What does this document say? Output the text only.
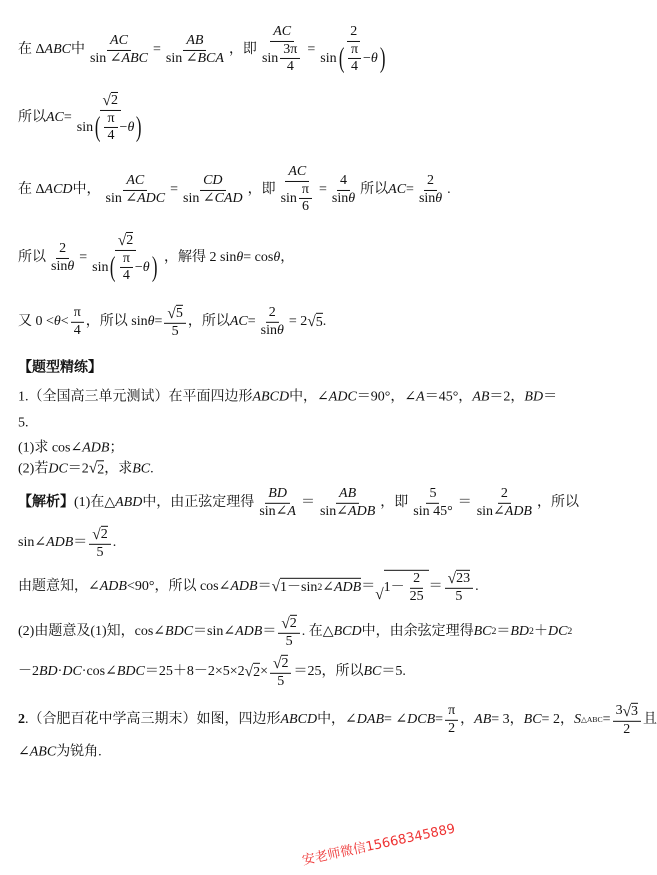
在 Δ ABC 中 $\frac{AC}{\text{sin ∠ ABC}} = \frac{AB}{\text{sin ∠ BCA}}$ ，即 $\frac{AC}{\sin \frac{3\pi}{4}} = \frac{2}{\sin ( \frac{\pi}{4} - \theta )}$
所以 AC = $\frac{√ 2}{\sin ( \frac{\pi}{4} - \theta )}$
在 Δ ACD 中， $\frac{AC}{\text{sin ∠ ADC}} = \frac{CD}{\text{sin ∠ CAD}}$ ，即 $\frac{AC}{\sin \frac{\pi}{6}} = \frac{4}{\text{sin θ}}$ 所以 AC = $\frac{2}{\text{sin θ}}$ .
所以 $\frac{2}{\text{sin θ}} = \frac{√ 2}{\sin ( \frac{\pi}{4} - \theta )}$ ，解得 2 sin θ = cos θ ，
又 $0 < \theta < \frac{\pi}{4}$ ，所以 $\sin \theta = \frac{√ 5}{5}$ ，所以 AC = $\frac{2}{\text{sin θ}} = 2$ √ 5 .
【题型精练】
1.（全国高三单元测试）在平面四边形 ABCD 中，∠ ADC ＝90°，∠ A ＝45°， AB ＝2， BD ＝
5.
(1)求 cos∠ ADB ；
(2)若 DC ＝2 √ 2 ，求 BC .
【解析】 (1)在△ ABD 中，由正弦定理得 $\frac{BD}{\sin\angle A} = \frac{AB}{\text{sin∠ ADB}}$ ，即 $\frac{5}{\sin 45^\circ} = \frac{2}{\text{sin∠ ADB}}$ ，所以
sin∠ ADB ＝ $\frac{√ 2}{5}$ .
由题意知，∠ ADB <90°，所以 cos∠ ADB ＝ √ 1－sin 2 ∠ ADB ＝ √ $1- \frac{2}{25} = \frac{√ 23}{5}$ .
(2)由题意及(1)知，cos∠ BDC ＝sin∠ ADB ＝ $\frac{√ 2}{5}$ . 在△ BCD 中，由余弦定理得 BC 2 ＝ BD 2 ＋ DC 2
－2 BD · DC ·cos∠ BDC ＝25＋8－2×5×2 √ $2 \times \frac{√ 2}{5} =25$，所以 BC ＝5.
2 .（合肥百花中学高三期末）如图，四边形 ABCD 中，∠ DAB = ∠ DCB = $\frac{\pi}{2}$ ， AB = 3， BC = 2， S △ABC = $\frac{3 √ 3}{2}$ 且
∠ ABC 为锐角.
安老师微信15668345889
